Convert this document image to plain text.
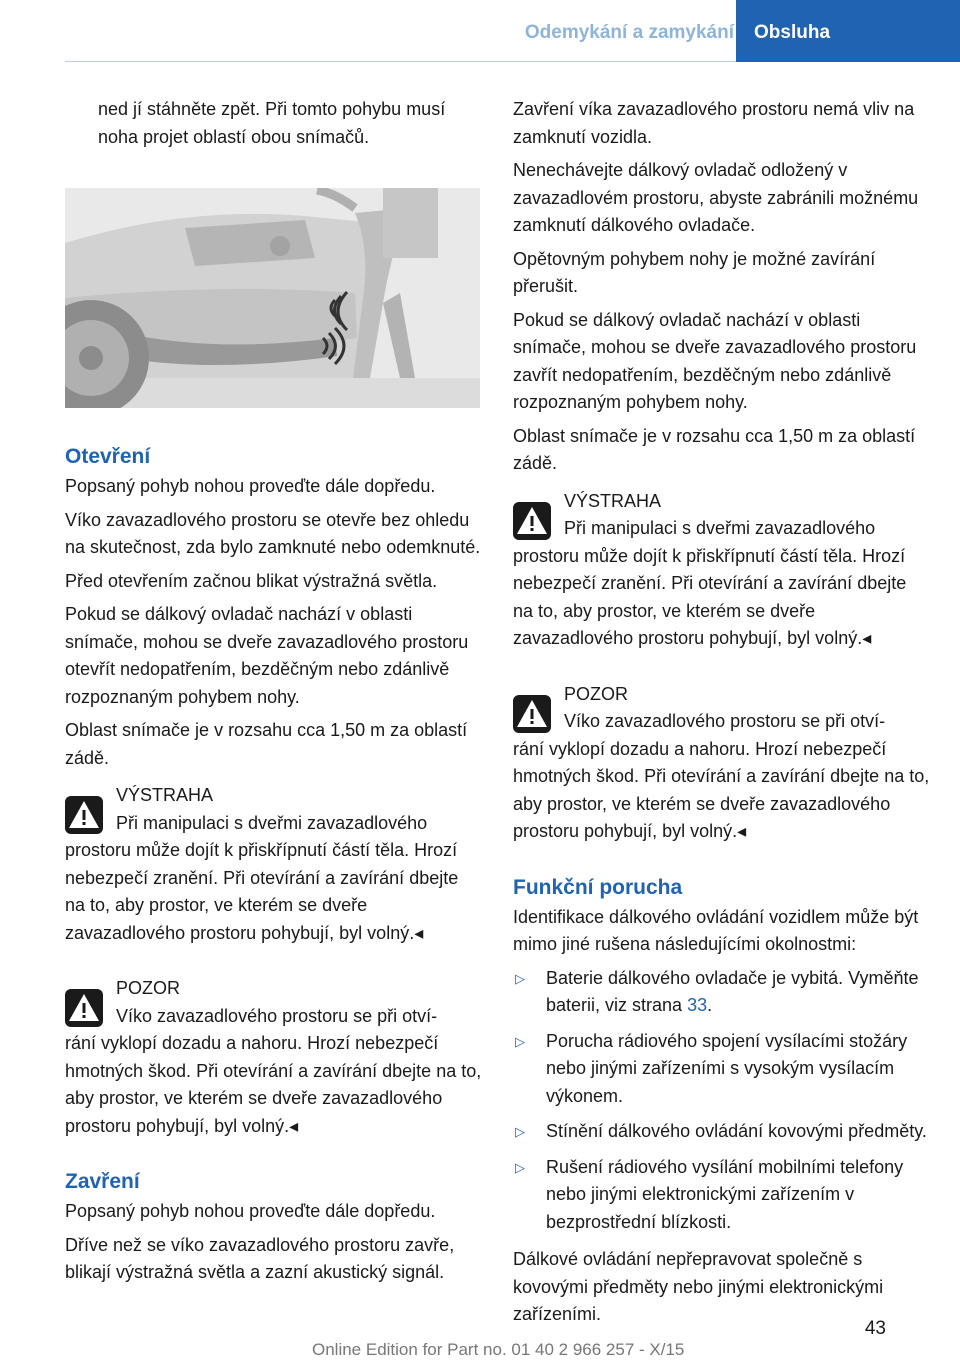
Odemykání a zamykání	Obsluha

ned jí stáhněte zpět. Při tomto pohybu musí noha projet oblastí obou snímačů.

Otevření

Popsaný pohyb nohou proveďte dále dopředu.

Víko zavazadlového prostoru se otevře bez ohledu na skutečnost, zda bylo zamknuté nebo odemknuté.

Před otevřením začnou blikat výstražná světla.

Pokud se dálkový ovladač nachází v oblasti snímače, mohou se dveře zavazadlového prostoru otevřít nedopatřením, bezděčným nebo zdánlivě rozpoznaným pohybem nohy.

Oblast snímače je v rozsahu cca 1,50 m za oblastí zádě.

VÝSTRAHA
Při manipulaci s dveřmi zavazadlového
prostoru může dojít k přiskřípnutí částí těla. Hrozí nebezpečí zranění. Při otevírání a zavírání dbejte na to, aby prostor, ve kterém se dveře zavazadlového prostoru pohybují, byl volný.◂
POZOR
Víko zavazadlového prostoru se při otví-
rání vyklopí dozadu a nahoru. Hrozí nebezpečí hmotných škod. Při otevírání a zavírání dbejte na to, aby prostor, ve kterém se dveře zavazadlového prostoru pohybují, byl volný.◂
Zavření

Popsaný pohyb nohou proveďte dále dopředu.

Dříve než se víko zavazadlového prostoru zavře, blikají výstražná světla a zazní akustický signál.

Zavření víka zavazadlového prostoru nemá vliv na zamknutí vozidla.

Nenechávejte dálkový ovladač odložený v zavazadlovém prostoru, abyste zabránili možnému zamknutí dálkového ovladače.

Opětovným pohybem nohy je možné zavírání přerušit.

Pokud se dálkový ovladač nachází v oblasti snímače, mohou se dveře zavazadlového prostoru zavřít nedopatřením, bezděčným nebo zdánlivě rozpoznaným pohybem nohy.

Oblast snímače je v rozsahu cca 1,50 m za oblastí zádě.

VÝSTRAHA
Při manipulaci s dveřmi zavazadlového
prostoru může dojít k přiskřípnutí částí těla. Hrozí nebezpečí zranění. Při otevírání a zavírání dbejte na to, aby prostor, ve kterém se dveře zavazadlového prostoru pohybují, byl volný.◂
POZOR
Víko zavazadlového prostoru se při otví-
rání vyklopí dozadu a nahoru. Hrozí nebezpečí hmotných škod. Při otevírání a zavírání dbejte na to, aby prostor, ve kterém se dveře zavazadlového prostoru pohybují, byl volný.◂
Funkční porucha

Identifikace dálkového ovládání vozidlem může být mimo jiné rušena následujícími okolnostmi:

▷ Baterie dálkového ovladače je vybitá. Vyměňte baterii, viz strana 33.
▷ Porucha rádiového spojení vysílacími stožáry nebo jinými zařízeními s vysokým vysílacím výkonem.
▷ Stínění dálkového ovládání kovovými předměty.
▷ Rušení rádiového vysílání mobilními telefony nebo jinými elektronickými zařízením v bezprostřední blízkosti.

Dálkové ovládání nepřepravovat společně s kovovými předměty nebo jinými elektronickými zařízeními.

43
Online Edition for Part no. 01 40 2 966 257 - X/15
